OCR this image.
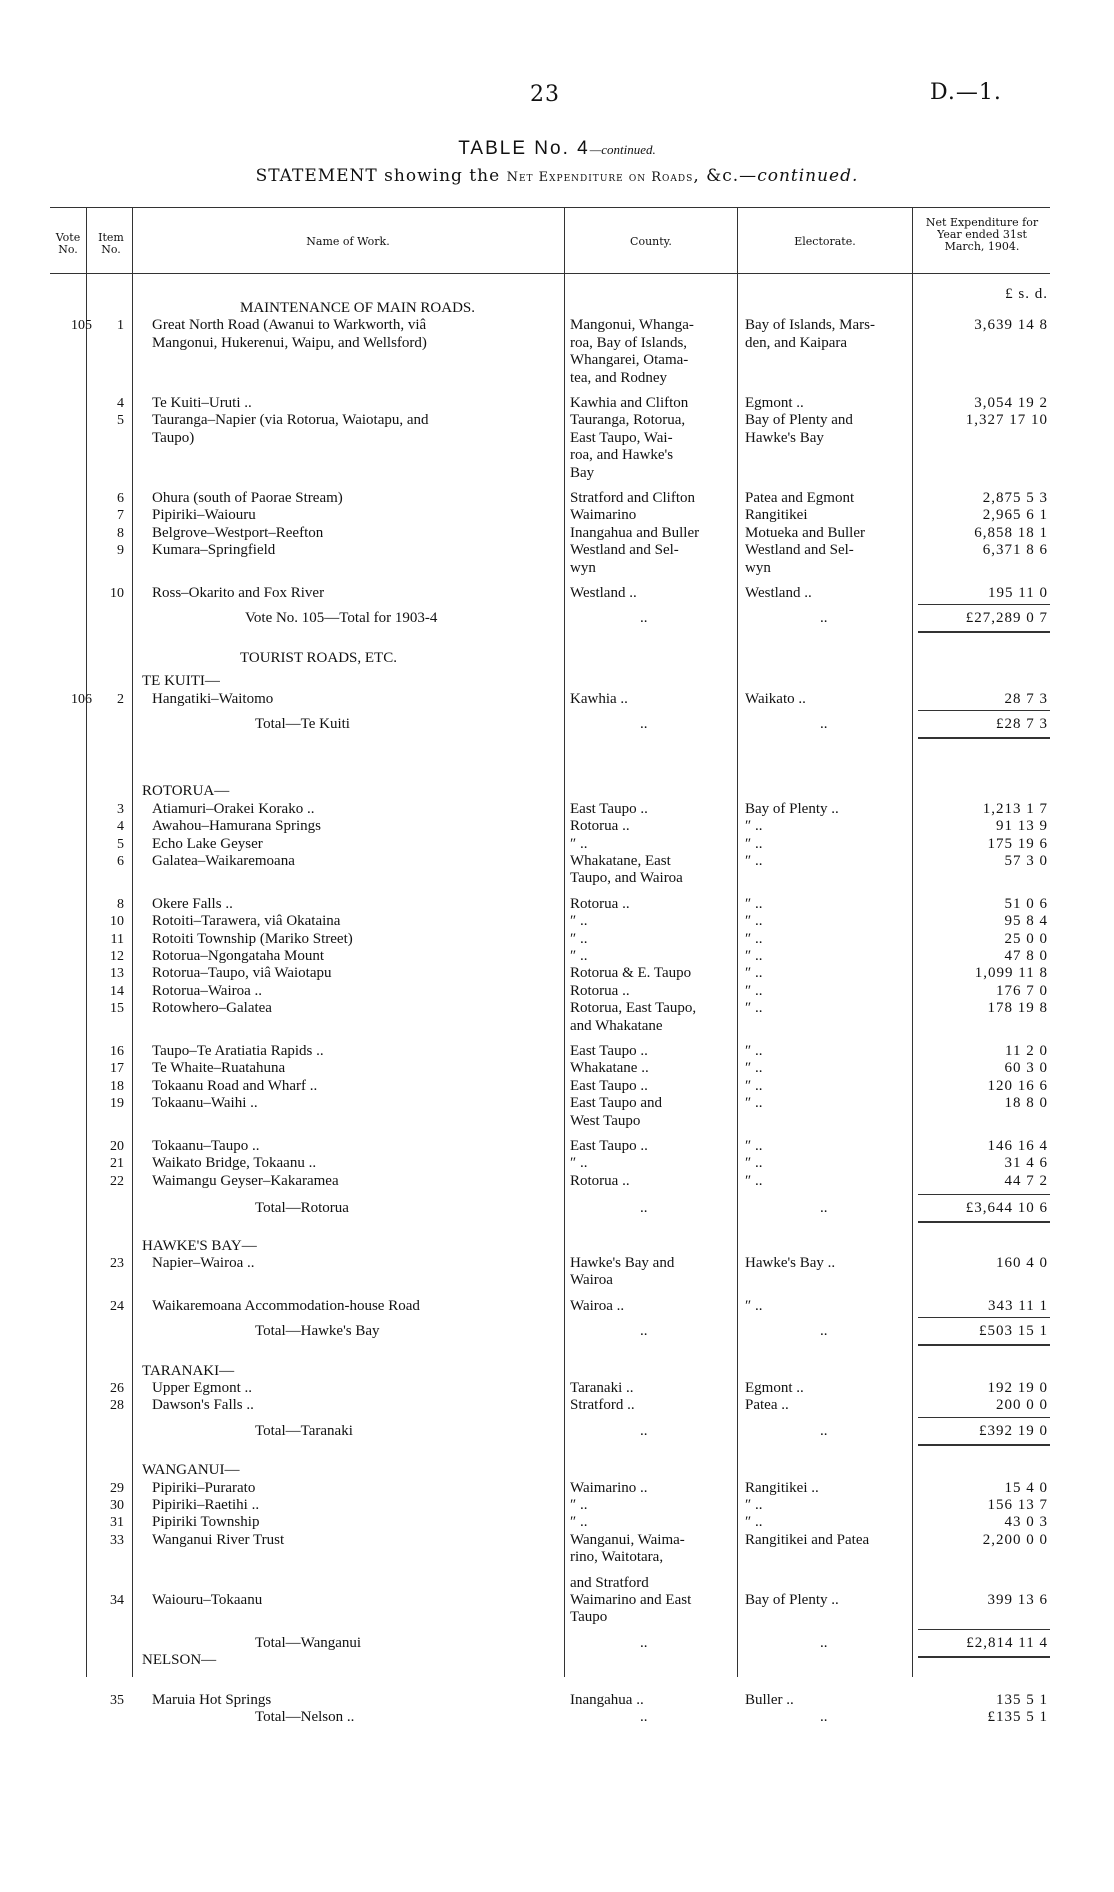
23	D.—1.
TABLE No. 4—continued.
STATEMENT showing the Net Expenditure on Roads, &c.—continued.
Vote No.
Item No.
Name of Work.	County.	Electorate.
Net Expenditure for Year ended 31st March, 1904.
£ s. d.
MAINTENANCE OF MAIN ROADS.
105	1 Great North Road (Awanui to Warkworth, viâ	Mangonui, Whanga-	Bay of Islands, Mars-	3,639 14 8
Mangonui, Hukerenui, Waipu, and Wellsford)	roa, Bay of Islands,	den, and Kaipara
Whangarei, Otama-
tea, and Rodney
4 Te Kuiti–Uruti ..	Kawhia and Clifton	Egmont ..	3,054 19 2
5 Tauranga–Napier (via Rotorua, Waiotapu, and	Tauranga, Rotorua,	Bay of Plenty and	1,327 17 10
Taupo)	East Taupo, Wai-	Hawke's Bay
roa, and Hawke's
Bay
6 Ohura (south of Paorae Stream)	Stratford and Clifton	Patea and Egmont	2,875 5 3
7 Pipiriki–Waiouru	Waimarino	Rangitikei	2,965 6 1
8 Belgrove–Westport–Reefton	Inangahua and Buller	Motueka and Buller	6,858 18 1
9 Kumara–Springfield	Westland and Sel-	Westland and Sel-	6,371 8 6
wyn	wyn
10 Ross–Okarito and Fox River	Westland ..	Westland ..	195 11 0
Vote No. 105—Total for 1903-4	..	..	£27,289 0 7
TOURIST ROADS, ETC.
TE KUITI—
106	2 Hangatiki–Waitomo	Kawhia ..	Waikato ..	28 7 3
Total—Te Kuiti	..	..	£28 7 3
ROTORUA—
3 Atiamuri–Orakei Korako ..	East Taupo ..	Bay of Plenty ..	1,213 1 7
4 Awahou–Hamurana Springs	Rotorua ..	″ ..	91 13 9
5 Echo Lake Geyser	″ ..	″ ..	175 19 6
6 Galatea–Waikaremoana	Whakatane, East	″ ..	57 3 0
Taupo, and Wairoa
8 Okere Falls ..	Rotorua ..	″ ..	51 0 6
10 Rotoiti–Tarawera, viâ Okataina	″ ..	″ ..	95 8 4
11 Rotoiti Township (Mariko Street)	″ ..	″ ..	25 0 0
12 Rotorua–Ngongataha Mount	″ ..	″ ..	47 8 0
13 Rotorua–Taupo, viâ Waiotapu	Rotorua & E. Taupo	″ ..	1,099 11 8
14 Rotorua–Wairoa ..	Rotorua ..	″ ..	176 7 0
15 Rotowhero–Galatea	Rotorua, East Taupo,	″ ..	178 19 8
and Whakatane
16 Taupo–Te Aratiatia Rapids ..	East Taupo ..	″ ..	11 2 0
17 Te Whaite–Ruatahuna	Whakatane ..	″ ..	60 3 0
18 Tokaanu Road and Wharf ..	East Taupo ..	″ ..	120 16 6
19 Tokaanu–Waihi ..	East Taupo and	″ ..	18 8 0
West Taupo
20 Tokaanu–Taupo ..	East Taupo ..	″ ..	146 16 4
21 Waikato Bridge, Tokaanu ..	″ ..	″ ..	31 4 6
22 Waimangu Geyser–Kakaramea	Rotorua ..	″ ..	44 7 2
Total—Rotorua	..	..	£3,644 10 6
HAWKE'S BAY—
23 Napier–Wairoa ..	Hawke's Bay and	Hawke's Bay ..	160 4 0
Wairoa
24 Waikaremoana Accommodation-house Road	Wairoa ..	″ ..	343 11 1
Total—Hawke's Bay	..	..	£503 15 1
TARANAKI—
26 Upper Egmont ..	Taranaki ..	Egmont ..	192 19 0
28 Dawson's Falls ..	Stratford ..	Patea ..	200 0 0
Total—Taranaki	..	..	£392 19 0
WANGANUI—
29 Pipiriki–Purarato	Waimarino ..	Rangitikei ..	15 4 0
30 Pipiriki–Raetihi ..	″ ..	″ ..	156 13 7
31 Pipiriki Township	″ ..	″ ..	43 0 3
33 Wanganui River Trust	Wanganui, Waima-	Rangitikei and Patea	2,200 0 0
rino, Waitotara,
and Stratford
34 Waiouru–Tokaanu	Waimarino and East	Bay of Plenty ..	399 13 6
Taupo
Total—Wanganui	..	..	£2,814 11 4
NELSON—
35 Maruia Hot Springs	Inangahua ..	Buller ..	135 5 1
Total—Nelson ..	..	..	£135 5 1
